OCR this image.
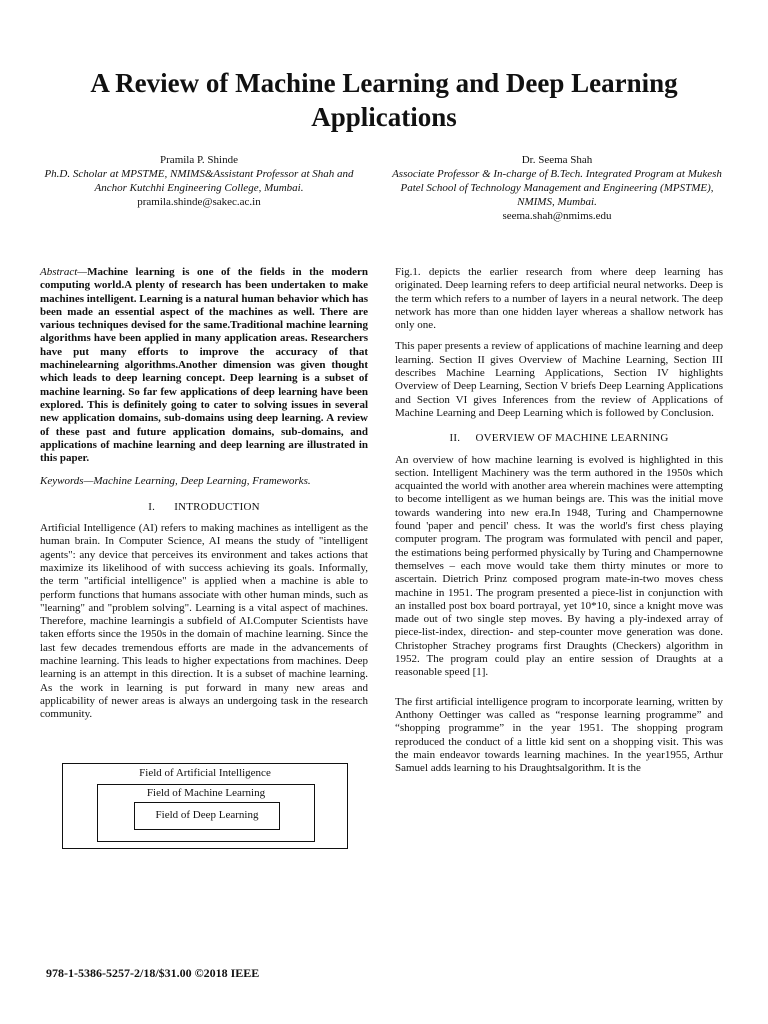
A Review of Machine Learning and Deep Learning Applications
Pramila P. Shinde
Ph.D. Scholar at MPSTME, NMIMS&Assistant Professor at Shah and Anchor Kutchhi Engineering College, Mumbai.
pramila.shinde@sakec.ac.in
Dr. Seema Shah
Associate Professor & In-charge of B.Tech. Integrated Program at Mukesh Patel School of Technology Management and Engineering (MPSTME), NMIMS, Mumbai.
seema.shah@nmims.edu

Abstract—Machine learning is one of the fields in the modern computing world.A plenty of research has been undertaken to make machines intelligent. Learning is a natural human behavior which has been made an essential aspect of the machines as well. There are various techniques devised for the same.Traditional machine learning algorithms have been applied in many application areas. Researchers have put many efforts to improve the accuracy of that machinelearning algorithms.Another dimension was given thought which leads to deep learning concept. Deep learning is a subset of machine learning. So far few applications of deep learning have been explored. This is definitely going to cater to solving issues in several new application domains, sub-domains using deep learning. A review of these past and future application domains, sub-domains, and applications of machine learning and deep learning are illustrated in this paper.

Keywords—Machine Learning, Deep Learning, Frameworks.

I. INTRODUCTION

Artificial Intelligence (AI) refers to making machines as intelligent as the human brain. In Computer Science, AI means the study of "intelligent agents": any device that perceives its environment and takes actions that maximize its likelihood of with success achieving its goals. Informally, the term "artificial intelligence" is applied when a machine is able to perform functions that humans associate with other human minds, such as "learning" and "problem solving". Learning is a vital aspect of machines. Therefore, machine learningis a subfield of AI.Computer Scientists have taken efforts since the 1950s in the domain of machine learning. Since the last few decades tremendous efforts are made in the advancements of machine learning. This leads to higher expectations from machines. Deep learning is an attempt in this direction. It is a subset of machine learning. As the work in learning is put forward in many new areas and applicability of newer areas is always an undergoing task in the research community.

Field of Artificial Intelligence
Field of Machine Learning
Field of Deep Learning

Fig.1. depicts the earlier research from where deep learning has originated. Deep learning refers to deep artificial neural networks. Deep is the term which refers to a number of layers in a neural network. The deep network has more than one hidden layer whereas a shallow network has only one.

This paper presents a review of applications of machine learning and deep learning. Section II gives Overview of Machine Learning, Section III describes Machine Learning Applications, Section IV highlights Overview of Deep Learning, Section V briefs Deep Learning Applications and Section VI gives Inferences from the review of Applications of Machine Learning and Deep Learning which is followed by Conclusion.

II. OVERVIEW OF MACHINE LEARNING

An overview of how machine learning is evolved is highlighted in this section. Intelligent Machinery was the term authored in the 1950s which acquainted the world with another area wherein machines were attempting to become intelligent as we human beings are. This was the initial move towards wandering into new era.In 1948, Turing and Champernowne found 'paper and pencil' chess. It was the world's first chess playing computer program. The program was formulated with pencil and paper, the estimations being performed physically by Turing and Champernowne themselves – each move would take them thirty minutes or more to ascertain. Dietrich Prinz composed program mate-in-two moves chess machine in 1951. The program presented a piece-list in conjunction with an installed post box board portrayal, yet 10*10, since a knight move was made out of two single step moves. By having a ply-indexed array of piece-list-index, direction- and step-counter move generation was done. Christopher Strachey programs first Draughts (Checkers) algorithm in 1952. The program could play an entire session of Draughts at a reasonable speed [1].

The first artificial intelligence program to incorporate learning, written by Anthony Oettinger was called as “response learning programme” and “shopping programme” in the year 1951. The shopping program reproduced the conduct of a little kid sent on a shopping visit. This was the main endeavor towards learning machines. In the year1955, Arthur Samuel adds learning to his Draughtsalgorithm. It is the

978-1-5386-5257-2/18/$31.00 ©2018 IEEE
